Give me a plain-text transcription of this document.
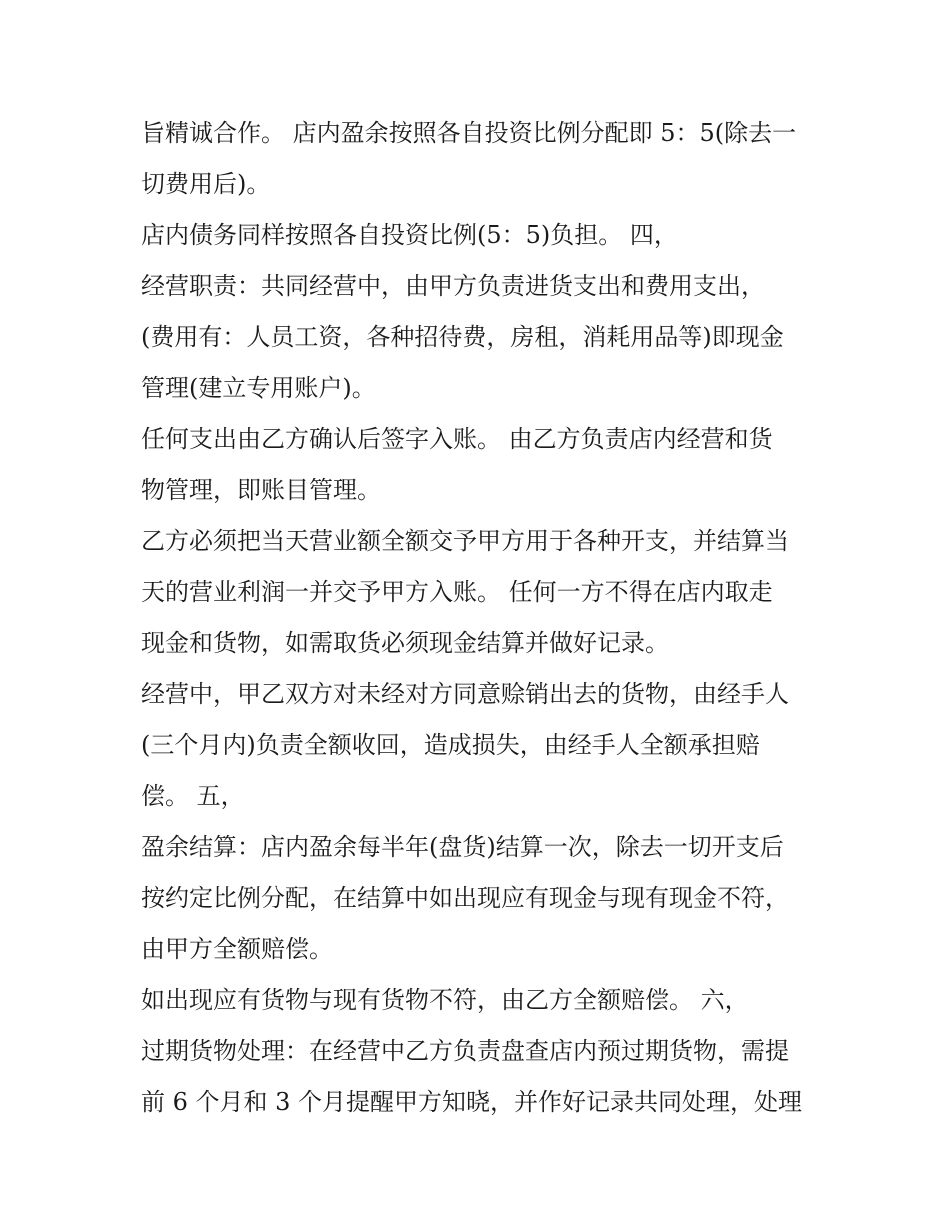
旨精诚合作。 店内盈余按照各自投资比例分配即 5：5(除去一
切费用后)。
店内债务同样按照各自投资比例(5：5)负担。 四，
经营职责：共同经营中，由甲方负责进货支出和费用支出，
(费用有：人员工资，各种招待费，房租，消耗用品等)即现金
管理(建立专用账户)。
任何支出由乙方确认后签字入账。 由乙方负责店内经营和货
物管理，即账目管理。
乙方必须把当天营业额全额交予甲方用于各种开支，并结算当
天的营业利润一并交予甲方入账。 任何一方不得在店内取走
现金和货物，如需取货必须现金结算并做好记录。
经营中，甲乙双方对未经对方同意赊销出去的货物，由经手人
(三个月内)负责全额收回，造成损失，由经手人全额承担赔
偿。 五，
盈余结算：店内盈余每半年(盘货)结算一次，除去一切开支后
按约定比例分配，在结算中如出现应有现金与现有现金不符，
由甲方全额赔偿。
如出现应有货物与现有货物不符，由乙方全额赔偿。 六，
过期货物处理：在经营中乙方负责盘查店内预过期货物，需提
前 6 个月和 3 个月提醒甲方知晓，并作好记录共同处理，处理
